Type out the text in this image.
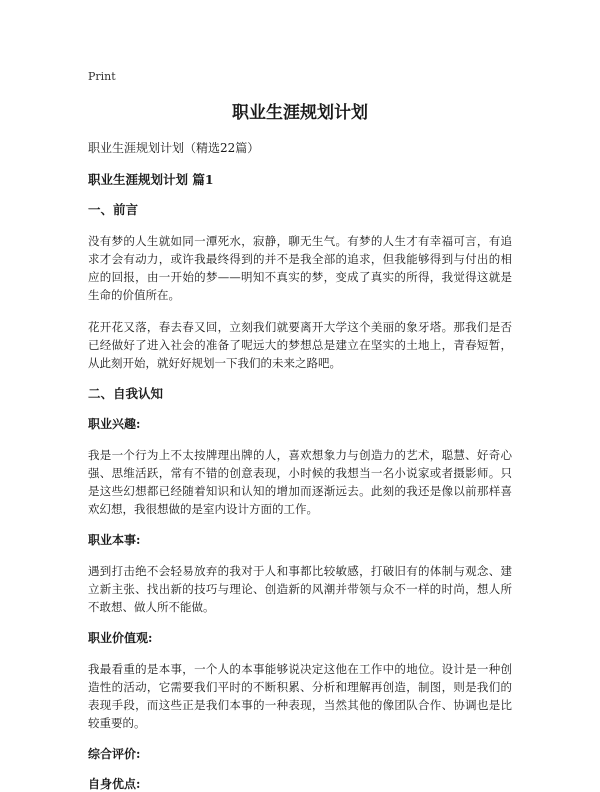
Print
职业生涯规划计划
职业生涯规划计划（精选22篇）
职业生涯规划计划 篇1
一、前言

没有梦的人生就如同一潭死水，寂静，聊无生气。有梦的人生才有幸福可言，有追求才会有动力，或许我最终得到的并不是我全部的追求，但我能够得到与付出的相应的回报，由一开始的梦——明知不真实的梦，变成了真实的所得，我觉得这就是生命的价值所在。

花开花又落，春去春又回，立刻我们就要离开大学这个美丽的象牙塔。那我们是否已经做好了进入社会的准备了呢远大的梦想总是建立在坚实的土地上，青春短暂，从此刻开始，就好好规划一下我们的未来之路吧。

二、自我认知
职业兴趣:

我是一个行为上不太按牌理出牌的人，喜欢想象力与创造力的艺术，聪慧、好奇心强、思维活跃，常有不错的创意表现，小时候的我想当一名小说家或者摄影师。只是这些幻想都已经随着知识和认知的增加而逐渐远去。此刻的我还是像以前那样喜欢幻想，我很想做的是室内设计方面的工作。

职业本事:

遇到打击绝不会轻易放弃的我对于人和事都比较敏感，打破旧有的体制与观念、建立新主张、找出新的技巧与理论、创造新的风潮并带领与众不一样的时尚，想人所不敢想、做人所不能做。

职业价值观:

我最看重的是本事，一个人的本事能够说决定这他在工作中的地位。设计是一种创造性的活动，它需要我们平时的不断积累、分析和理解再创造，制图，则是我们的表现手段，而这些正是我们本事的一种表现，当然其他的像团队合作、协调也是比较重要的。

综合评价:
自身优点:
